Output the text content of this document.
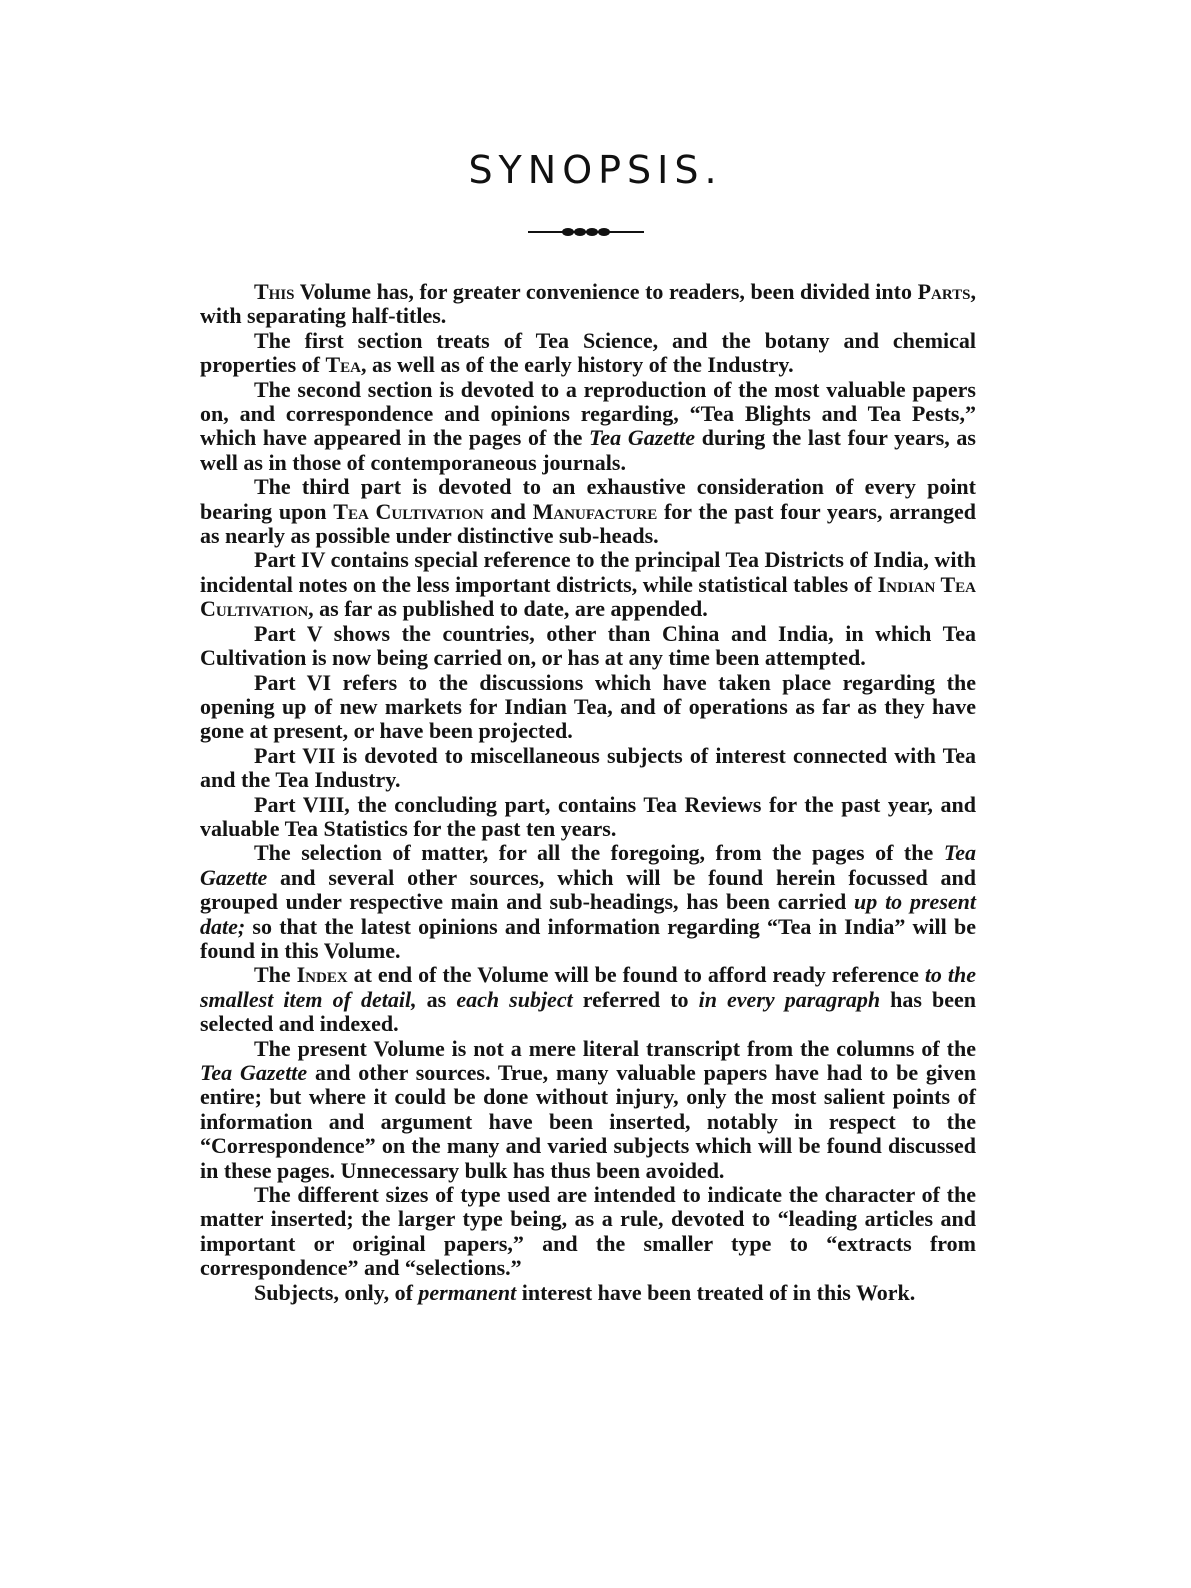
SYNOPSIS.

This Volume has, for greater convenience to readers, been divided into Parts, with separating half-titles.

The first section treats of Tea Science, and the botany and chemical properties of Tea, as well as of the early history of the Industry.

The second section is devoted to a reproduction of the most valuable papers on, and correspondence and opinions regarding, “Tea Blights and Tea Pests,” which have appeared in the pages of the Tea Gazette during the last four years, as well as in those of contemporaneous journals.

The third part is devoted to an exhaustive consideration of every point bearing upon Tea Cultivation and Manufacture for the past four years, arranged as nearly as possible under distinctive sub-heads.

Part IV contains special reference to the principal Tea Districts of India, with incidental notes on the less important districts, while statistical tables of Indian Tea Cultivation, as far as published to date, are appended.

Part V shows the countries, other than China and India, in which Tea Cultivation is now being carried on, or has at any time been attempted.

Part VI refers to the discussions which have taken place regarding the opening up of new markets for Indian Tea, and of operations as far as they have gone at present, or have been projected.

Part VII is devoted to miscellaneous subjects of interest connected with Tea and the Tea Industry.

Part VIII, the concluding part, contains Tea Reviews for the past year, and valuable Tea Statistics for the past ten years.

The selection of matter, for all the foregoing, from the pages of the Tea Gazette and several other sources, which will be found herein focussed and grouped under respective main and sub-headings, has been carried up to present date; so that the latest opinions and information regarding “Tea in India” will be found in this Volume.

The Index at end of the Volume will be found to afford ready reference to the smallest item of detail, as each subject referred to in every paragraph has been selected and indexed.

The present Volume is not a mere literal transcript from the columns of the Tea Gazette and other sources. True, many valuable papers have had to be given entire; but where it could be done without injury, only the most salient points of information and argument have been inserted, notably in respect to the “Correspondence” on the many and varied subjects which will be found discussed in these pages. Unnecessary bulk has thus been avoided.

The different sizes of type used are intended to indicate the character of the matter inserted; the larger type being, as a rule, devoted to “leading articles and important or original papers,” and the smaller type to “extracts from correspondence” and “selections.”

Subjects, only, of permanent interest have been treated of in this Work.
